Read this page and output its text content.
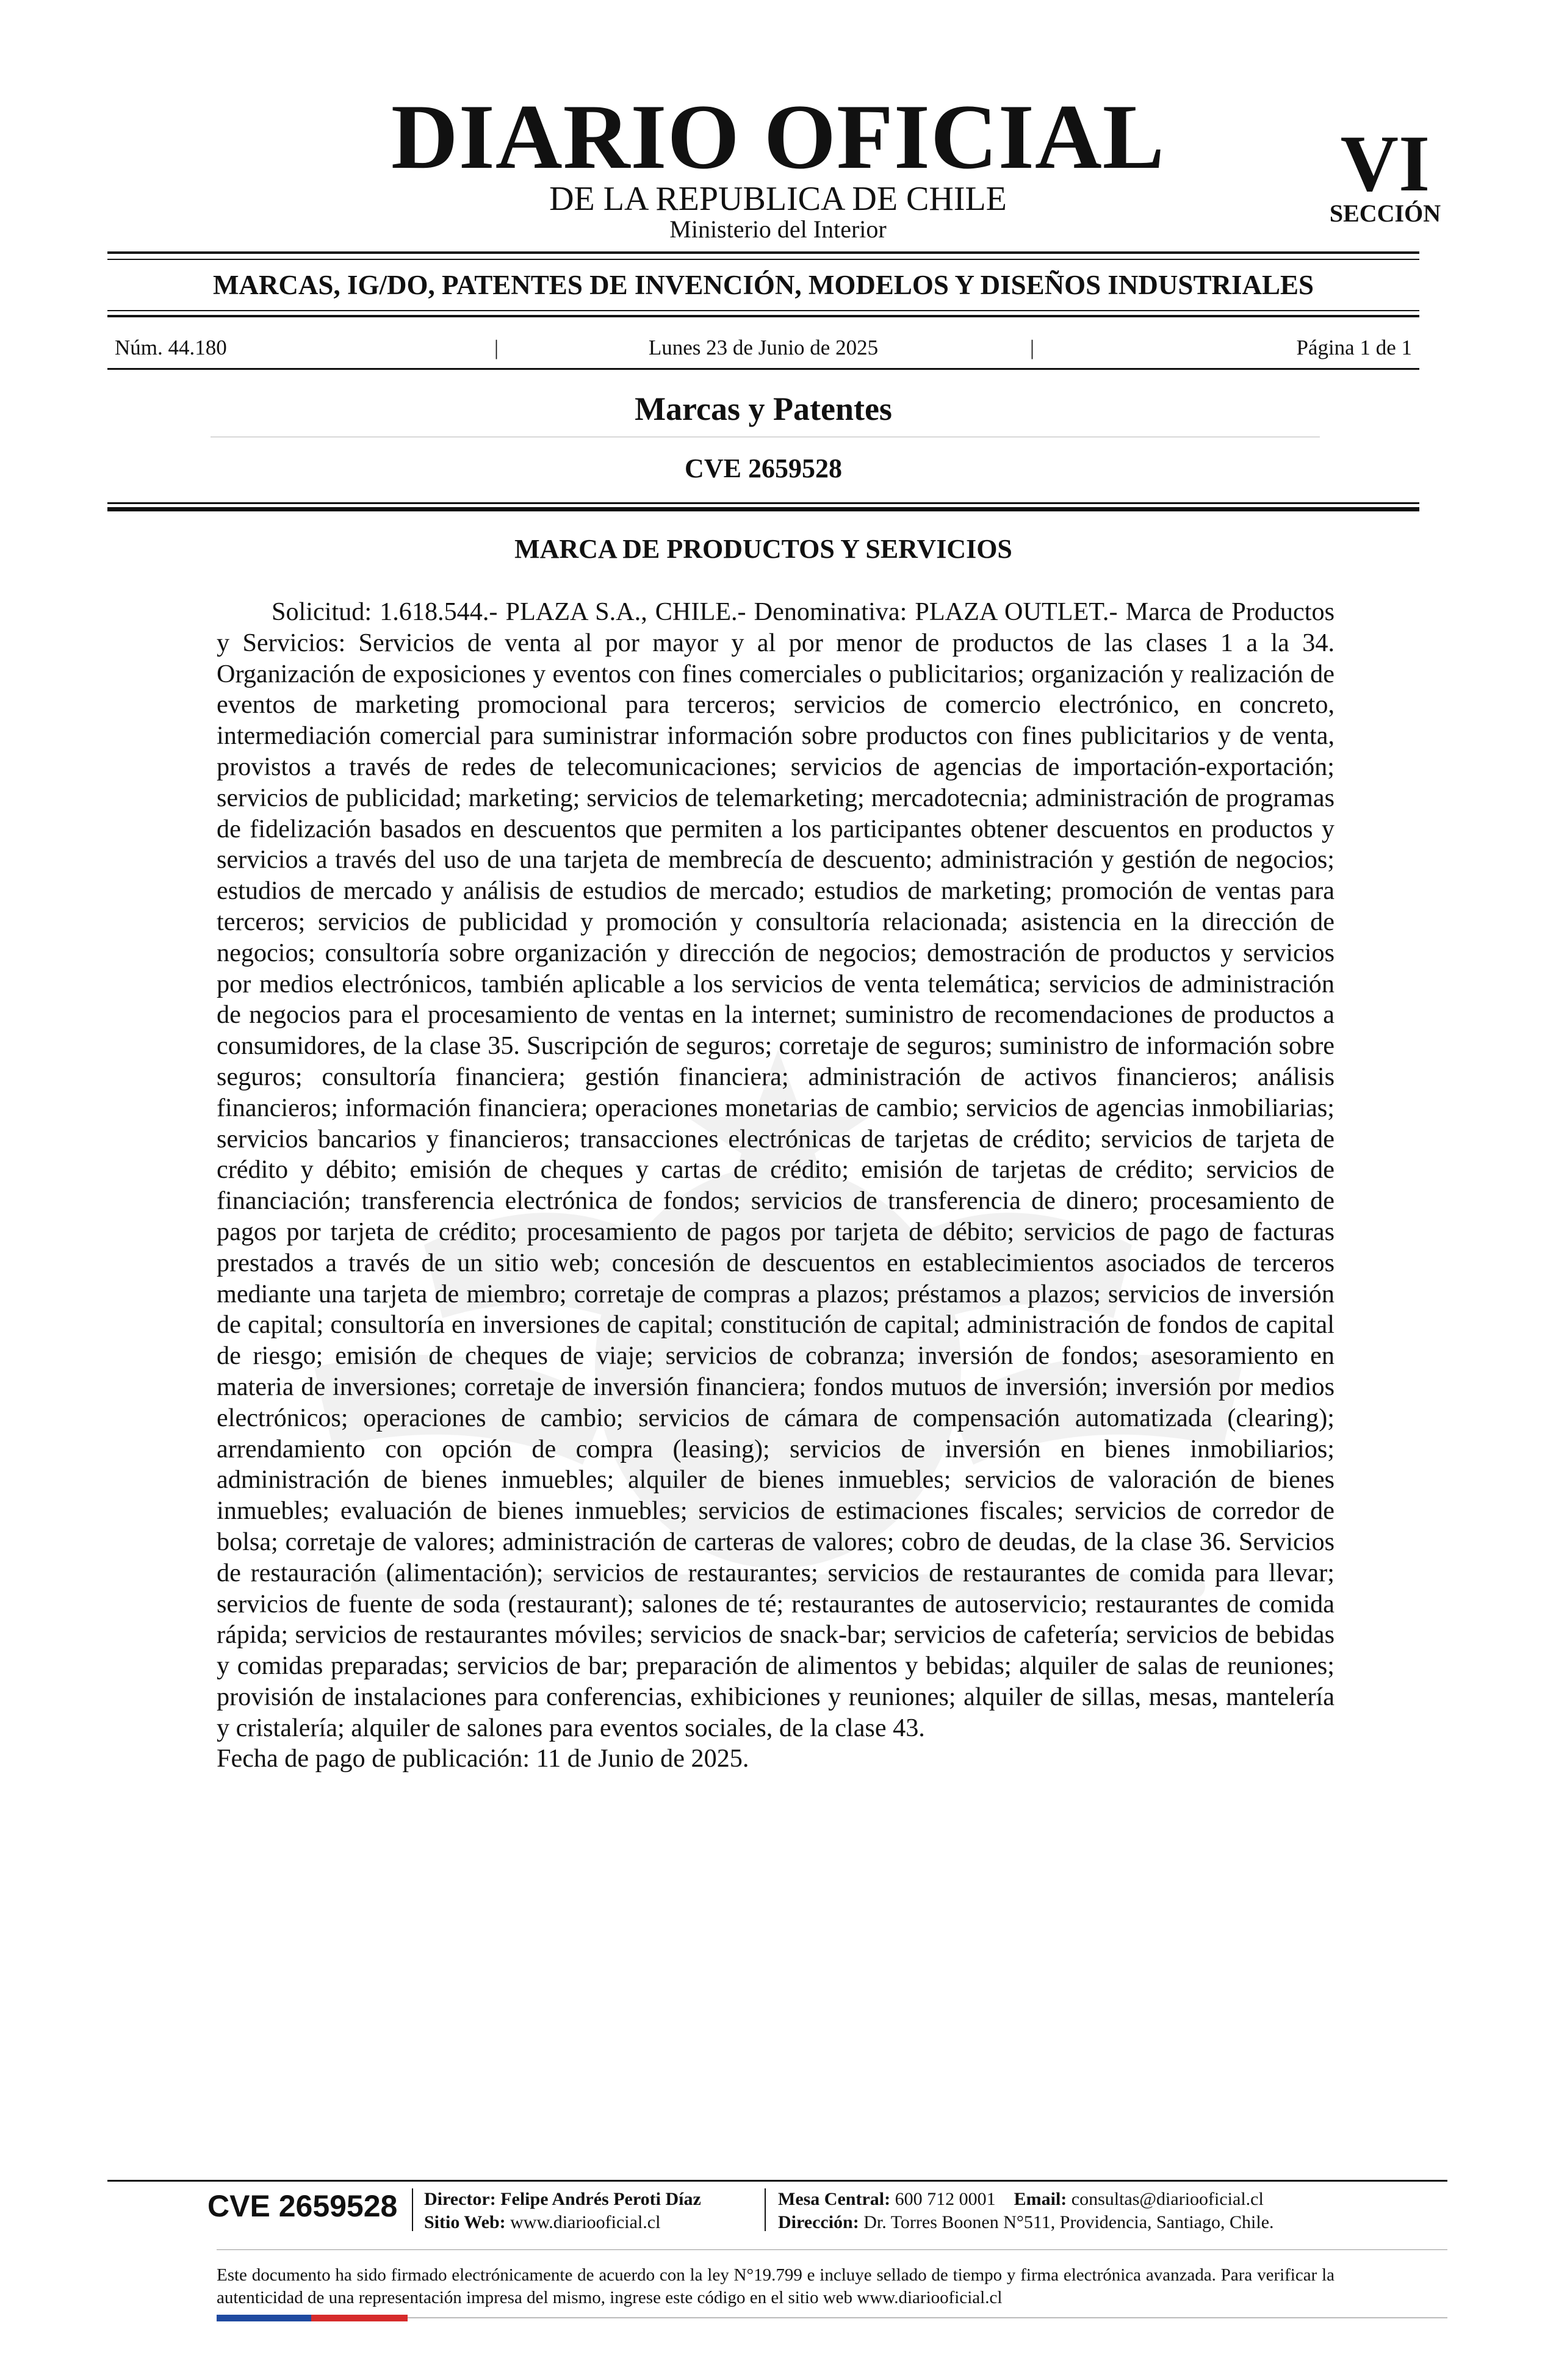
DIARIO OFICIAL
DE LA REPUBLICA DE CHILE
Ministerio del Interior
VI
SECCIÓN
MARCAS, IG/DO, PATENTES DE INVENCIÓN, MODELOS Y DISEÑOS INDUSTRIALES
Núm. 44.180	|	Lunes 23 de Junio de 2025	|	Página 1 de 1
Marcas y Patentes
CVE 2659528
MARCA DE PRODUCTOS Y SERVICIOS

Solicitud: 1.618.544.- PLAZA S.A., CHILE.- Denominativa: PLAZA OUTLET.- Marca de Productos y Servicios: Servicios de venta al por mayor y al por menor de productos de las clases 1 a la 34. Organización de exposiciones y eventos con fines comerciales o publicitarios; organización y realización de eventos de marketing promocional para terceros; servicios de comercio electrónico, en concreto, intermediación comercial para suministrar información sobre productos con fines publicitarios y de venta, provistos a través de redes de telecomunicaciones; servicios de agencias de importación-exportación; servicios de publicidad; marketing; servicios de telemarketing; mercadotecnia; administración de programas de fidelización basados en descuentos que permiten a los participantes obtener descuentos en productos y servicios a través del uso de una tarjeta de membrecía de descuento; administración y gestión de negocios; estudios de mercado y análisis de estudios de mercado; estudios de marketing; promoción de ventas para terceros; servicios de publicidad y promoción y consultoría relacionada; asistencia en la dirección de negocios; consultoría sobre organización y dirección de negocios; demostración de productos y servicios por medios electrónicos, también aplicable a los servicios de venta telemática; servicios de administración de negocios para el procesamiento de ventas en la internet; suministro de recomendaciones de productos a consumidores, de la clase 35. Suscripción de seguros; corretaje de seguros; suministro de información sobre seguros; consultoría financiera; gestión financiera; administración de activos financieros; análisis financieros; información financiera; operaciones monetarias de cambio; servicios de agencias inmobiliarias; servicios bancarios y financieros; transacciones electrónicas de tarjetas de crédito; servicios de tarjeta de crédito y débito; emisión de cheques y cartas de crédito; emisión de tarjetas de crédito; servicios de financiación; transferencia electrónica de fondos; servicios de transferencia de dinero; procesamiento de pagos por tarjeta de crédito; procesamiento de pagos por tarjeta de débito; servicios de pago de facturas prestados a través de un sitio web; concesión de descuentos en establecimientos asociados de terceros mediante una tarjeta de miembro; corretaje de compras a plazos; préstamos a plazos; servicios de inversión de capital; consultoría en inversiones de capital; constitución de capital; administración de fondos de capital de riesgo; emisión de cheques de viaje; servicios de cobranza; inversión de fondos; asesoramiento en materia de inversiones; corretaje de inversión financiera; fondos mutuos de inversión; inversión por medios electrónicos; operaciones de cambio; servicios de cámara de compensación automatizada (clearing); arrendamiento con opción de compra (leasing); servicios de inversión en bienes inmobiliarios; administración de bienes inmuebles; alquiler de bienes inmuebles; servicios de valoración de bienes inmuebles; evaluación de bienes inmuebles; servicios de estimaciones fiscales; servicios de corredor de bolsa; corretaje de valores; administración de carteras de valores; cobro de deudas, de la clase 36. Servicios de restauración (alimentación); servicios de restaurantes; servicios de restaurantes de comida para llevar; servicios de fuente de soda (restaurant); salones de té; restaurantes de autoservicio; restaurantes de comida rápida; servicios de restaurantes móviles; servicios de snack-bar; servicios de cafetería; servicios de bebidas y comidas preparadas; servicios de bar; preparación de alimentos y bebidas; alquiler de salas de reuniones; provisión de instalaciones para conferencias, exhibiciones y reuniones; alquiler de sillas, mesas, mantelería y cristalería; alquiler de salones para eventos sociales, de la clase 43.

Fecha de pago de publicación: 11 de Junio de 2025.

CVE 2659528 Director: Felipe Andrés Peroti Díaz
Sitio Web: www.diariooficial.cl
Mesa Central: 600 712 0001 Email: consultas@diariooficial.cl
Dirección: Dr. Torres Boonen N°511, Providencia, Santiago, Chile.
Este documento ha sido firmado electrónicamente de acuerdo con la ley N°19.799 e incluye sellado de tiempo y firma electrónica avanzada. Para verificar la autenticidad de una representación impresa del mismo, ingrese este código en el sitio web www.diariooficial.cl
